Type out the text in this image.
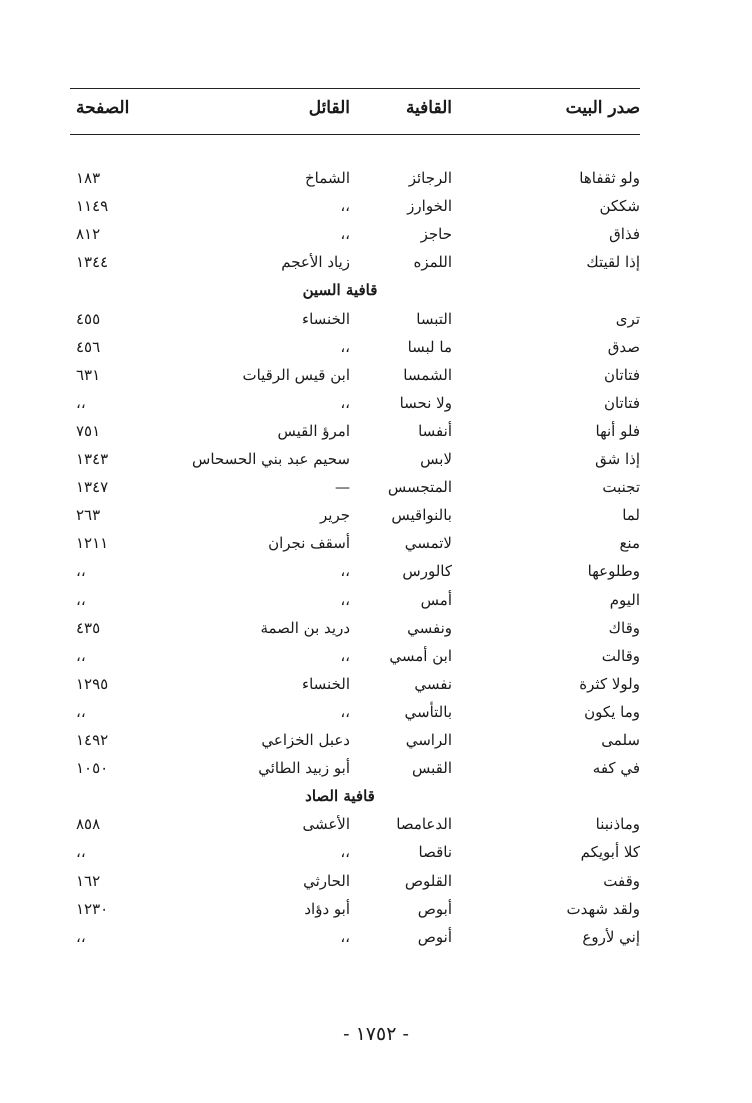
صدر البيت
القافية
القائل
الصفحة
ولو ثقفاها
الرجائز
الشماخ
١٨٣
شككن
الخوارز
،،
١١٤٩
فذاق
حاجز
،،
٨١٢
إذا لقيتك
اللمزه
زياد الأعجم
١٣٤٤
قافية السين
ترى
التبسا
الخنساء
٤٥٥
صدق
ما لبسا
،،
٤٥٦
فتاتان
الشمسا
ابن قيس الرقيات
٦٣١
فتاتان
ولا نحسا
،،
،،
فلو أنها
أنفسا
امرؤ القيس
٧٥١
إذا شق
لابس
سحيم عبد بني الحسحاس
١٣٤٣
تجنبت
المتجسس
—
١٣٤٧
لما
بالنواقيس
جرير
٢٦٣
منع
لاتمسي
أسقف نجران
١٢١١
وطلوعها
كالورس
،،
،،
اليوم
أمس
،،
،،
وقاك
ونفسي
دريد بن الصمة
٤٣٥
وقالت
ابن أمسي
،،
،،
ولولا كثرة
نفسي
الخنساء
١٢٩٥
وما يكون
بالتأسي
،،
،،
سلمى
الراسي
دعبل الخزاعي
١٤٩٢
في كفه
القبس
أبو زبيد الطائي
١٠٥٠
قافية الصاد
وماذنبنا
الدعامصا
الأعشى
٨٥٨
كلا أبويكم
ناقصا
،،
،،
وقفت
القلوص
الحارثي
١٦٢
ولقد شهدت
أبوص
أبو دؤاد
١٢٣٠
إني لأروع
أنوص
،،
،،
- ١٧٥٢ -
